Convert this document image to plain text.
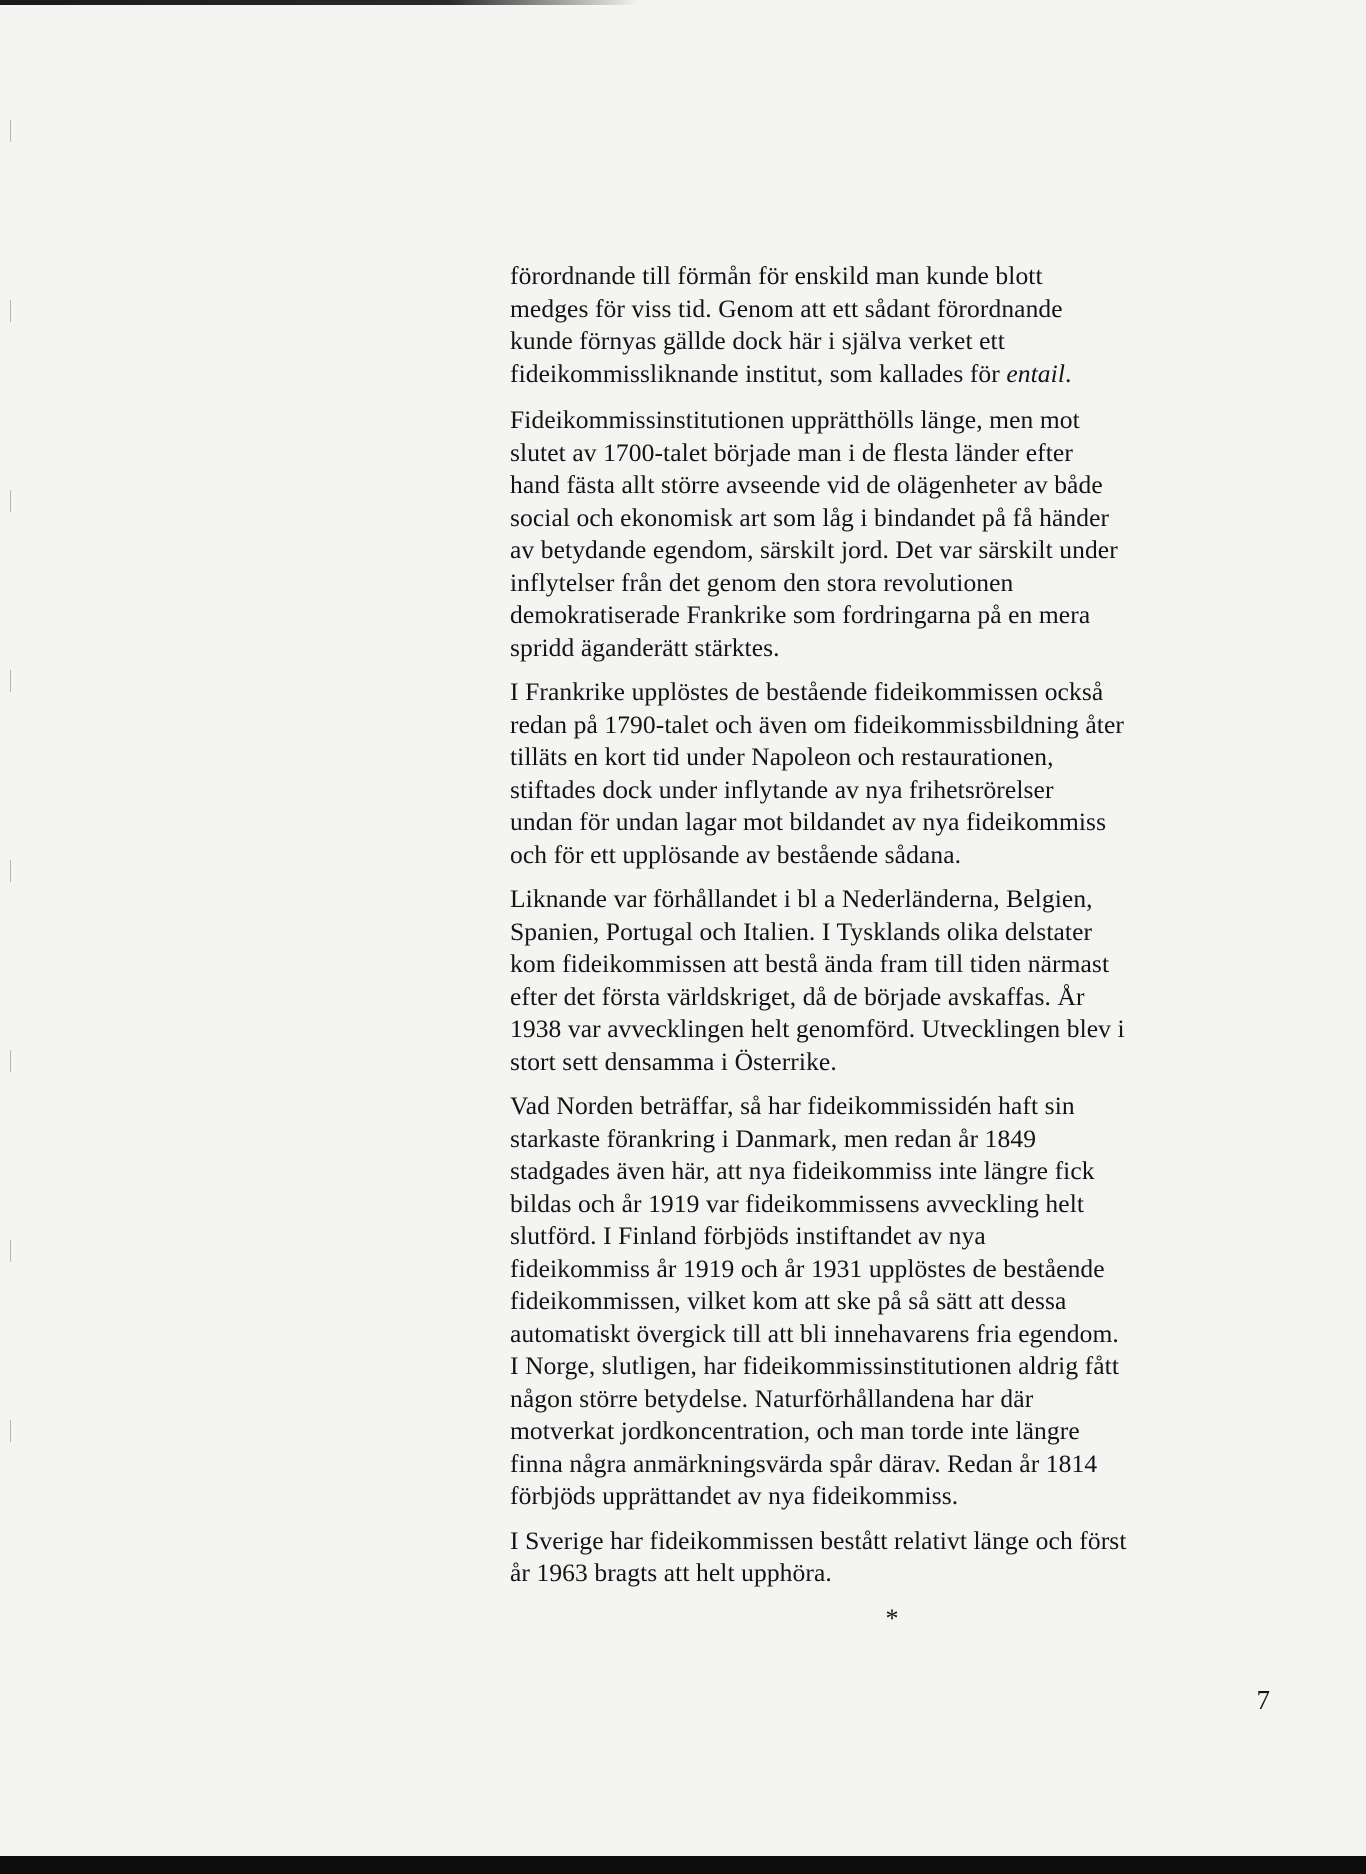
förordnande till förmån för enskild man kunde blott
medges för viss tid. Genom att ett sådant förordnande
kunde förnyas gällde dock här i själva verket ett
fideikommissliknande institut, som kallades för entail.

Fideikommissinstitutionen upprätthölls länge, men mot
slutet av 1700-talet började man i de flesta länder efter
hand fästa allt större avseende vid de olägenheter av både
social och ekonomisk art som låg i bindandet på få händer
av betydande egendom, särskilt jord. Det var särskilt under
inflytelser från det genom den stora revolutionen
demokratiserade Frankrike som fordringarna på en mera
spridd äganderätt stärktes.

I Frankrike upplöstes de bestående fideikommissen också
redan på 1790-talet och även om fideikommissbildning åter
tilläts en kort tid under Napoleon och restaurationen,
stiftades dock under inflytande av nya frihetsrörelser
undan för undan lagar mot bildandet av nya fideikommiss
och för ett upplösande av bestående sådana.

Liknande var förhållandet i bl a Nederländerna, Belgien,
Spanien, Portugal och Italien. I Tysklands olika delstater
kom fideikommissen att bestå ända fram till tiden närmast
efter det första världskriget, då de började avskaffas. År
1938 var avvecklingen helt genomförd. Utvecklingen blev i
stort sett densamma i Österrike.

Vad Norden beträffar, så har fideikommissidén haft sin
starkaste förankring i Danmark, men redan år 1849
stadgades även här, att nya fideikommiss inte längre fick
bildas och år 1919 var fideikommissens avveckling helt
slutförd. I Finland förbjöds instiftandet av nya
fideikommiss år 1919 och år 1931 upplöstes de bestående
fideikommissen, vilket kom att ske på så sätt att dessa
automatiskt övergick till att bli innehavarens fria egendom.
I Norge, slutligen, har fideikommissinstitutionen aldrig fått
någon större betydelse. Naturförhållandena har där
motverkat jordkoncentration, och man torde inte längre
finna några anmärkningsvärda spår därav. Redan år 1814
förbjöds upprättandet av nya fideikommiss.

I Sverige har fideikommissen bestått relativt länge och först
år 1963 bragts att helt upphöra.

*
7
